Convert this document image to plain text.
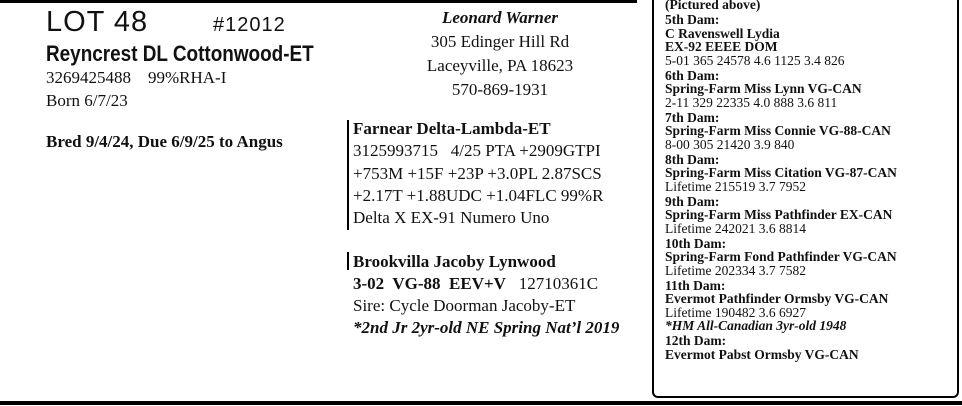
LOT 48	#12012
Reyncrest DL Cottonwood-ET
3269425488 99%RHA-I
Born 6/7/23
Bred 9/4/24, Due 6/9/25 to Angus
Leonard Warner
305 Edinger Hill Rd
Laceyville, PA 18623
570-869-1931
Farnear Delta-Lambda-ET
3125993715   4/25 PTA +2909GTPI
+753M +15F +23P +3.0PL 2.87SCS
+2.17T +1.88UDC +1.04FLC 99%R
Delta X EX-91 Numero Uno
Brookvilla Jacoby Lynwood
3-02  VG-88  EEV+V 12710361C
Sire: Cycle Doorman Jacoby-ET
*2nd Jr 2yr-old NE Spring Nat’l 2019
(Pictured above)
5th Dam:
C Ravenswell Lydia
EX-92 EEEE DOM
5-01 365 24578 4.6 1125 3.4 826
6th Dam:
Spring-Farm Miss Lynn VG-CAN
2-11 329 22335 4.0 888 3.6 811
7th Dam:
Spring-Farm Miss Connie VG-88-CAN
8-00 305 21420 3.9 840
8th Dam:
Spring-Farm Miss Citation VG-87-CAN
Lifetime 215519 3.7 7952
9th Dam:
Spring-Farm Miss Pathfinder EX-CAN
Lifetime 242021 3.6 8814
10th Dam:
Spring-Farm Fond Pathfinder VG-CAN
Lifetime 202334 3.7 7582
11th Dam:
Evermot Pathfinder Ormsby VG-CAN
Lifetime 190482 3.6 6927
*HM All-Canadian 3yr-old 1948
12th Dam:
Evermot Pabst Ormsby VG-CAN
